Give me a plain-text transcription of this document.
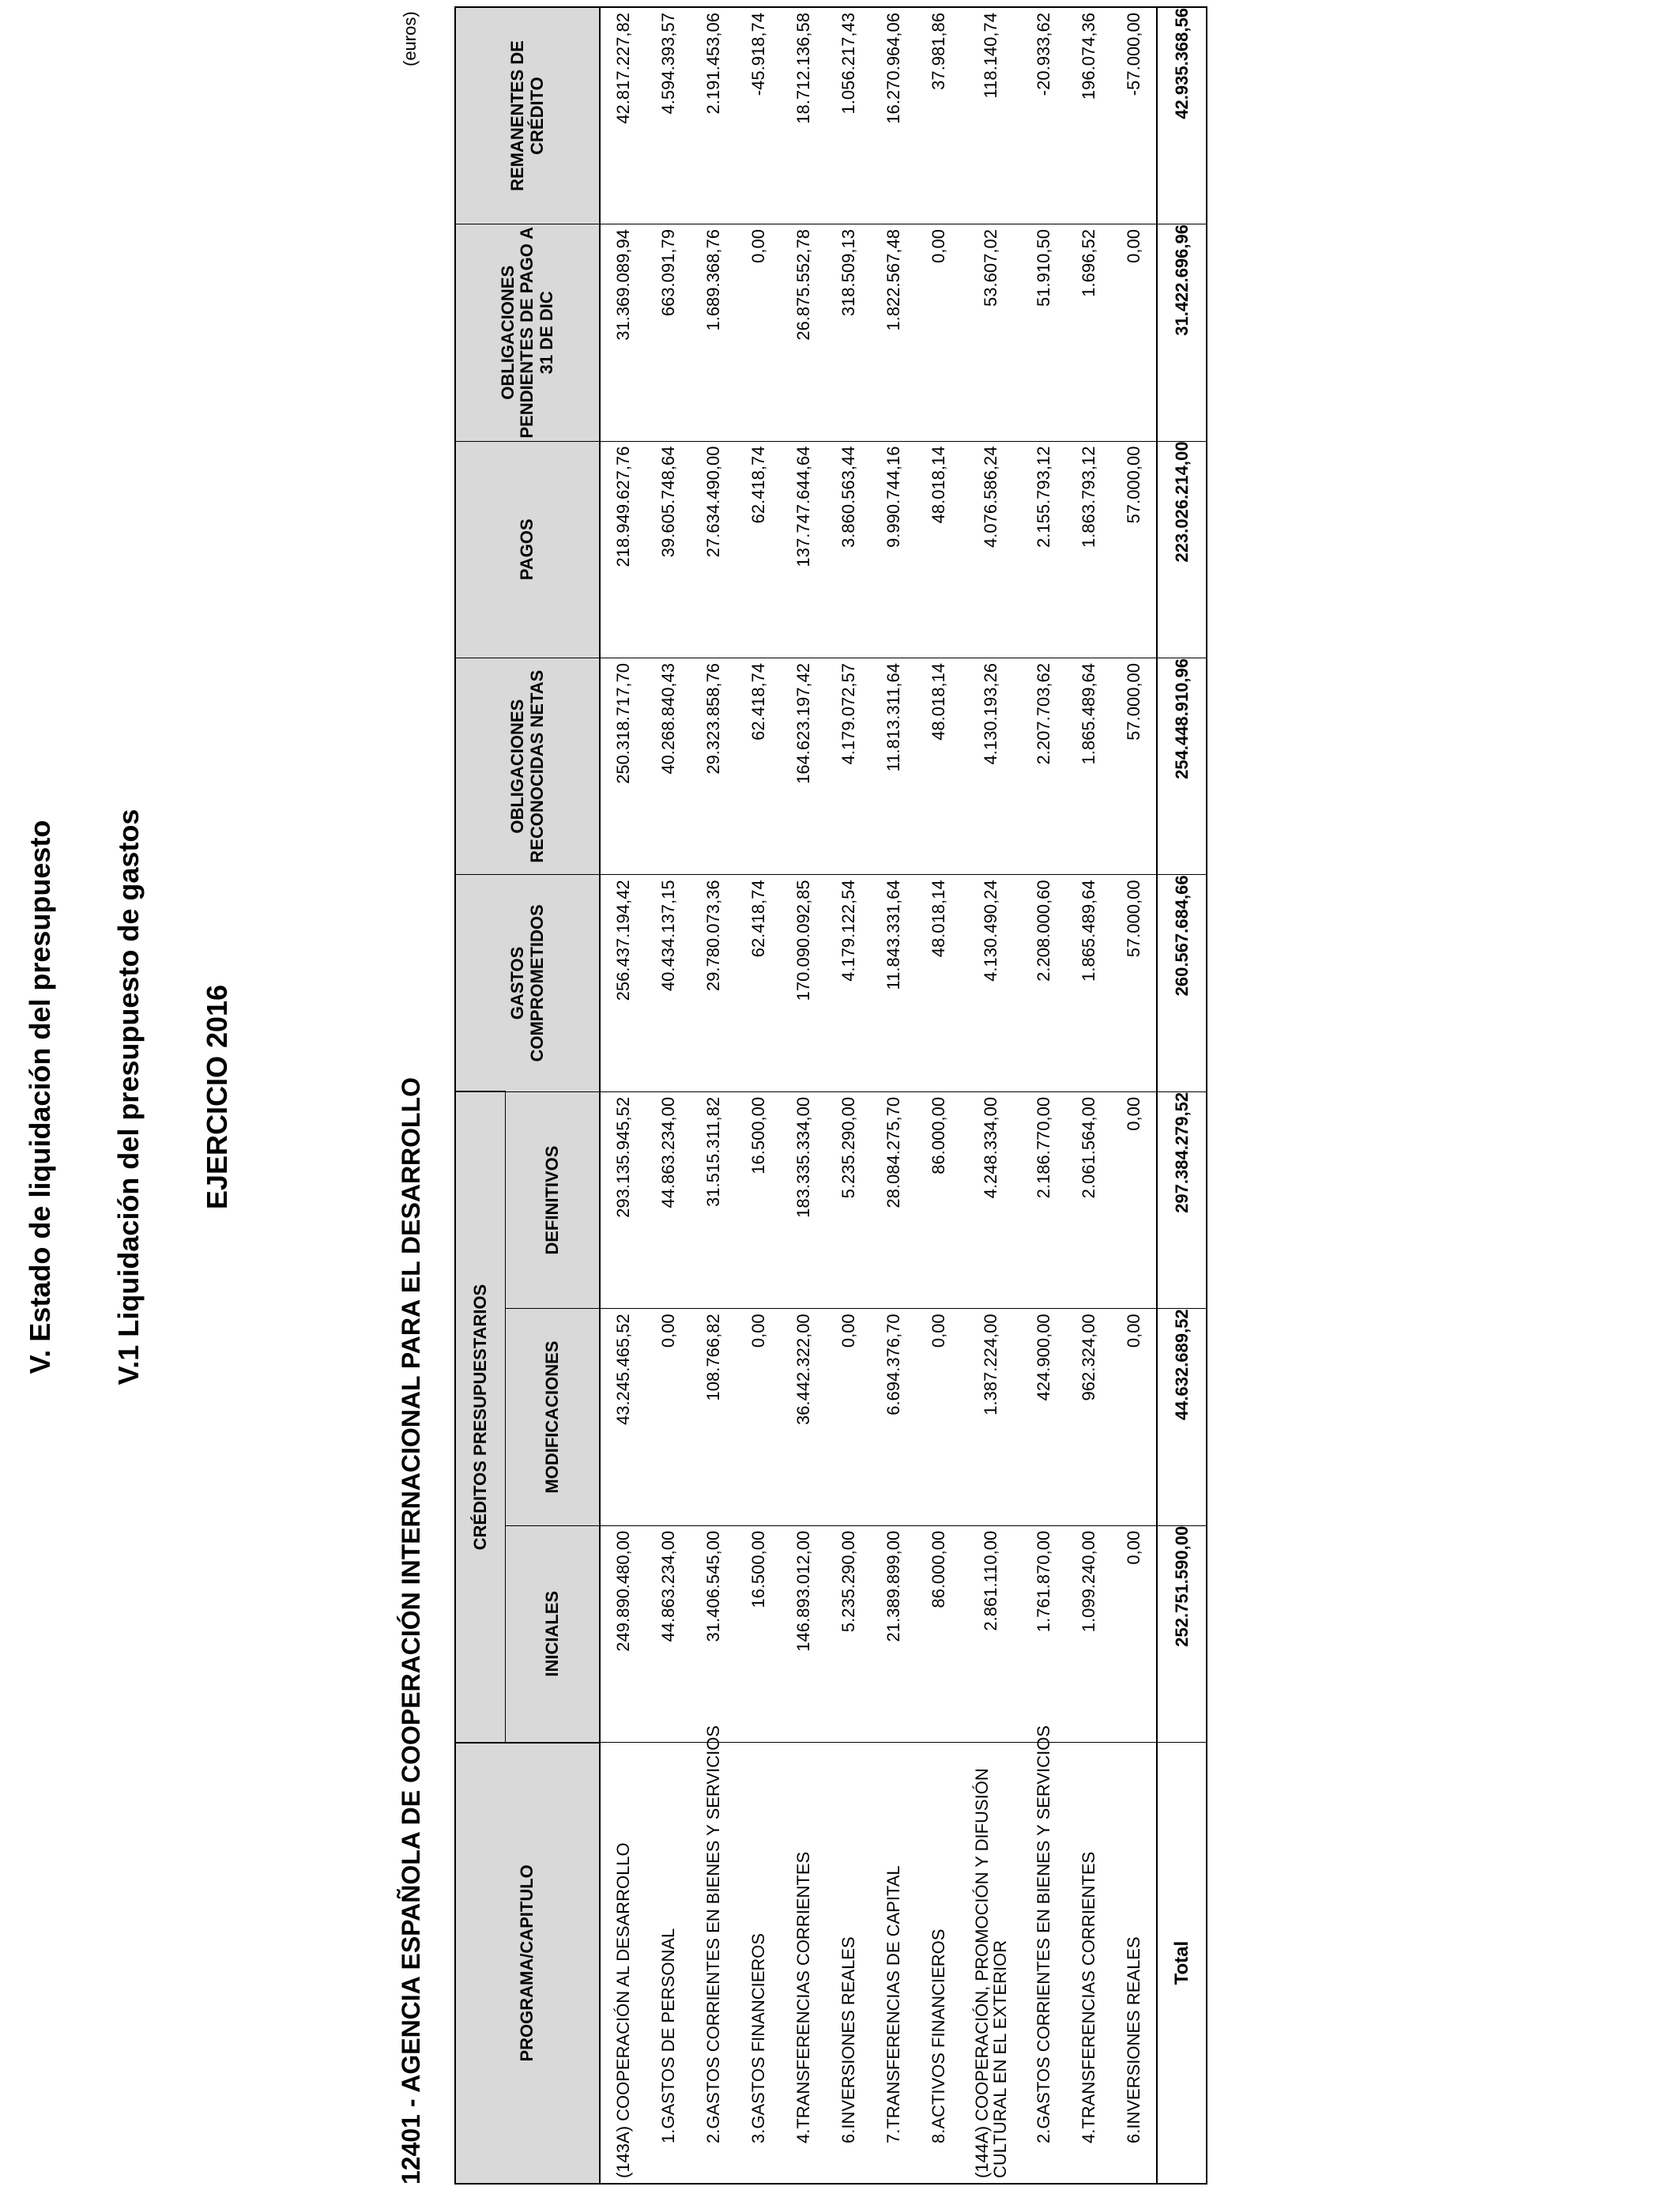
V. Estado de liquidación del presupuesto V.1 Liquidación del presupuesto de gastos EJERCICIO 2016	12401 - AGENCIA ESPAÑOLA DE COOPERACIÓN INTERNACIONAL PARA EL DESARROLLO
(euros)
PROGRAMA/CAPITULO	CRÉDITOS PRESUPUESTARIOS			GASTOS COMPROMETIDOS	OBLIGACIONES RECONOCIDAS NETAS	PAGOS	OBLIGACIONES PENDIENTES DE PAGO A 31 DE DIC	REMANENTES DE CRÉDITO
	INICIALES	MODIFICACIONES	DEFINITIVOS					
(143A) COOPERACIÓN AL DESARROLLO	249.890.480,00	43.245.465,52	293.135.945,52	256.437.194,42	250.318.717,70	218.949.627,76	31.369.089,94	42.817.227,82
1.GASTOS DE PERSONAL	44.863.234,00	0,00	44.863.234,00	40.434.137,15	40.268.840,43	39.605.748,64	663.091,79	4.594.393,57
2.GASTOS CORRIENTES EN BIENES Y SERVICIOS	31.406.545,00	108.766,82	31.515.311,82	29.780.073,36	29.323.858,76	27.634.490,00	1.689.368,76	2.191.453,06
3.GASTOS FINANCIEROS	16.500,00	0,00	16.500,00	62.418,74	62.418,74	62.418,74	0,00	-45.918,74
4.TRANSFERENCIAS CORRIENTES	146.893.012,00	36.442.322,00	183.335.334,00	170.090.092,85	164.623.197,42	137.747.644,64	26.875.552,78	18.712.136,58
6.INVERSIONES REALES	5.235.290,00	0,00	5.235.290,00	4.179.122,54	4.179.072,57	3.860.563,44	318.509,13	1.056.217,43
7.TRANSFERENCIAS DE CAPITAL	21.389.899,00	6.694.376,70	28.084.275,70	11.843.331,64	11.813.311,64	9.990.744,16	1.822.567,48	16.270.964,06
8.ACTIVOS FINANCIEROS	86.000,00	0,00	86.000,00	48.018,14	48.018,14	48.018,14	0,00	37.981,86
(144A) COOPERACIÓN, PROMOCIÓN Y DIFUSIÓN CULTURAL EN EL EXTERIOR	2.861.110,00	1.387.224,00	4.248.334,00	4.130.490,24	4.130.193,26	4.076.586,24	53.607,02	118.140,74
2.GASTOS CORRIENTES EN BIENES Y SERVICIOS	1.761.870,00	424.900,00	2.186.770,00	2.208.000,60	2.207.703,62	2.155.793,12	51.910,50	-20.933,62
4.TRANSFERENCIAS CORRIENTES	1.099.240,00	962.324,00	2.061.564,00	1.865.489,64	1.865.489,64	1.863.793,12	1.696,52	196.074,36
6.INVERSIONES REALES	0,00	0,00	0,00	57.000,00	57.000,00	57.000,00	0,00	-57.000,00
Total	252.751.590,00	44.632.689,52	297.384.279,52	260.567.684,66	254.448.910,96	223.026.214,00	31.422.696,96	42.935.368,56
